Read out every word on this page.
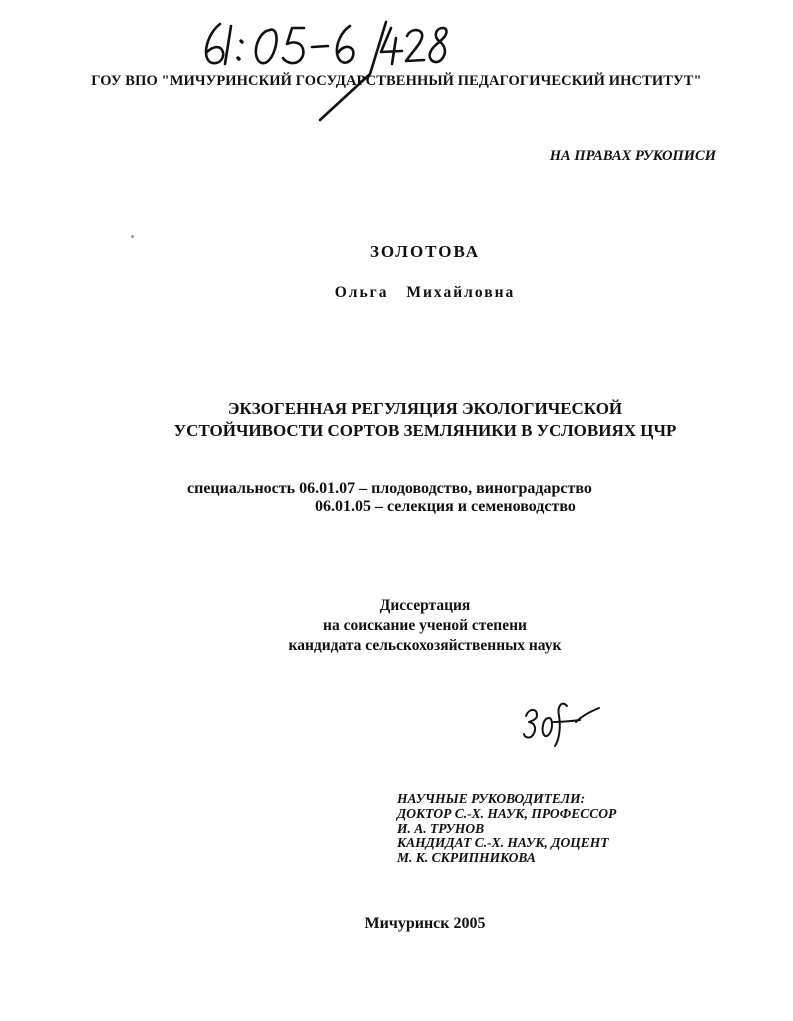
ГОУ ВПО "МИЧУРИНСКИЙ ГОСУДАРСТВЕННЫЙ ПЕДАГОГИЧЕСКИЙ ИНСТИТУТ"
НА ПРАВАХ РУКОПИСИ
ЗОЛОТОВА
Ольга Михайловна
ЭКЗОГЕННАЯ РЕГУЛЯЦИЯ ЭКОЛОГИЧЕСКОЙ
УСТОЙЧИВОСТИ СОРТОВ ЗЕМЛЯНИКИ В УСЛОВИЯХ ЦЧР
специальность 06.01.07 – плодоводство, виноградарство
06.01.05 – селекция и семеноводство
Диссертация
на соискание ученой степени
кандидата сельскохозяйственных наук
НАУЧНЫЕ РУКОВОДИТЕЛИ:
ДОКТОР С.-Х. НАУК, ПРОФЕССОР
И. А. ТРУНОВ
КАНДИДАТ С.-Х. НАУК, ДОЦЕНТ
М. К. СКРИПНИКОВА
Мичуринск 2005
